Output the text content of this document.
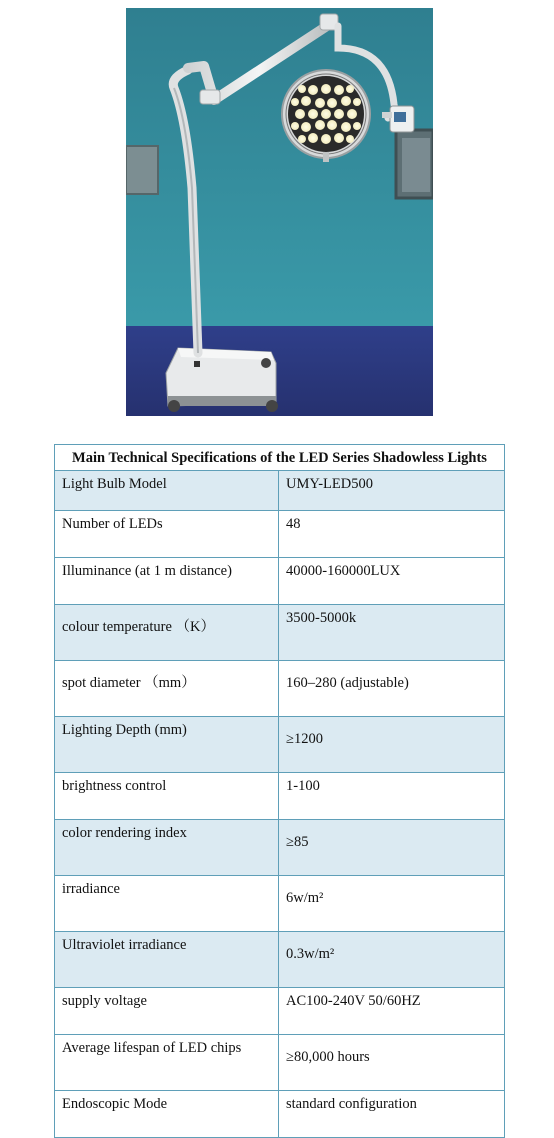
Main Technical Specifications of the LED Series Shadowless Lights	
Light Bulb Model	UMY-LED500
Number of LEDs	48
Illuminance (at 1 m distance)	40000-160000LUX
colour temperature （K）	3500-5000k
spot diameter （mm）	160–280 (adjustable)
Lighting Depth (mm)	≥1200
brightness control	1-100
color rendering index	≥85
irradiance	6w/m²
Ultraviolet irradiance	0.3w/m²
supply voltage	AC100-240V 50/60HZ
Average lifespan of LED chips	≥80,000 hours
Endoscopic Mode	standard configuration
